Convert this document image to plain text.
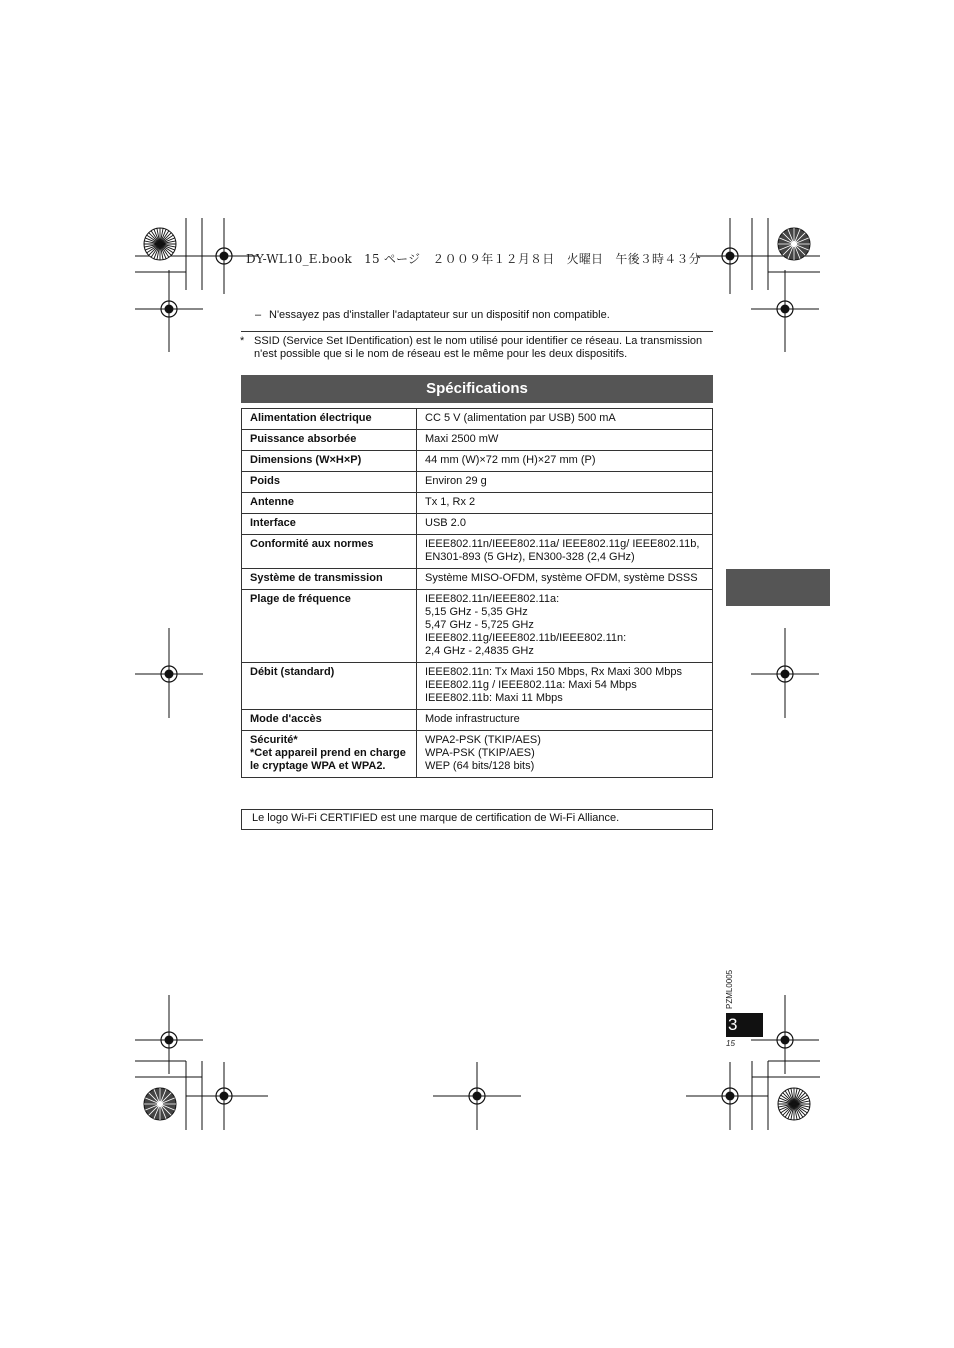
DY-WL10_E.book　15 ページ　２００９年１２月８日　火曜日　午後３時４３分
– N'essayez pas d'installer l'adaptateur sur un dispositif non compatible.
* SSID (Service Set IDentification) est le nom utilisé pour identifier ce réseau. La transmission n'est possible que si le nom de réseau est le même pour les deux dispositifs.
Spécifications
Alimentation électrique	CC 5 V (alimentation par USB) 500 mA
Puissance absorbée	Maxi 2500 mW
Dimensions (W×H×P)	44 mm (W)×72 mm (H)×27 mm (P)
Poids	Environ 29 g
Antenne	Tx 1, Rx 2
Interface	USB 2.0
Conformité aux normes	IEEE802.11n/IEEE802.11a/ IEEE802.11g/ IEEE802.11b,
EN301-893 (5 GHz), EN300-328 (2,4 GHz)
Système de transmission	Système MISO-OFDM, système OFDM, système DSSS
Plage de fréquence	IEEE802.11n/IEEE802.11a:
5,15 GHz - 5,35 GHz
5,47 GHz - 5,725 GHz
IEEE802.11g/IEEE802.11b/IEEE802.11n:
2,4 GHz - 2,4835 GHz
Débit (standard)	IEEE802.11n: Tx Maxi 150 Mbps, Rx Maxi 300 Mbps
IEEE802.11g / IEEE802.11a: Maxi 54 Mbps
IEEE802.11b: Maxi 11 Mbps
Mode d'accès	Mode infrastructure
Sécurité*
*Cet appareil prend en charge le cryptage WPA et WPA2.	WPA2-PSK (TKIP/AES)
WPA-PSK (TKIP/AES)
WEP (64 bits/128 bits)
Le logo Wi-Fi CERTIFIED est une marque de certification de Wi-Fi Alliance.
PZML0005
3
15
